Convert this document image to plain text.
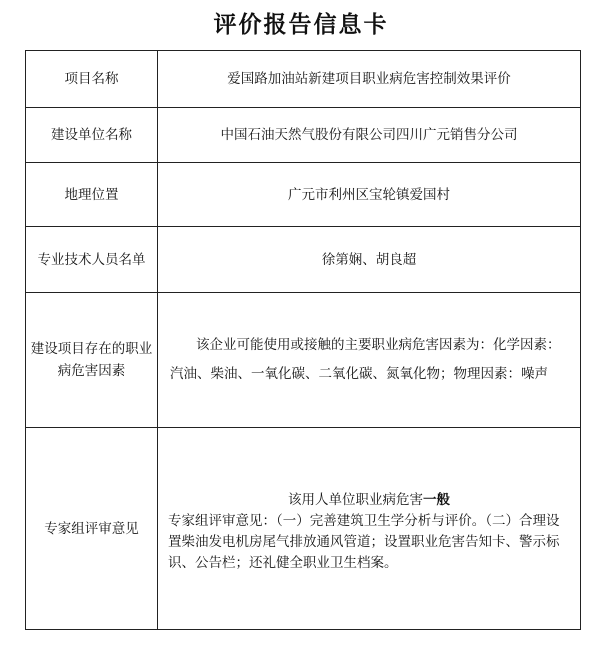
评价报告信息卡
项目名称	爱国路加油站新建项目职业病危害控制效果评价
建设单位名称	中国石油天然气股份有限公司四川广元销售分公司
地理位置	广元市利州区宝轮镇爱国村
专业技术人员名单	徐第娴、胡良超
建设项目存在的职业病危害因素	该企业可能使用或接触的主要职业病危害因素为：化学因素：汽油、柴油、一氧化碳、二氧化碳、氮氧化物；物理因素：噪声

专家组评审意见	该用人单位职业病危害一般
专家组评审意见：（一）完善建筑卫生学分析与评价。（二）合理设置柴油发电机房尾气排放通风管道；设置职业危害告知卡、警示标识、公告栏；还礼健全职业卫生档案。
